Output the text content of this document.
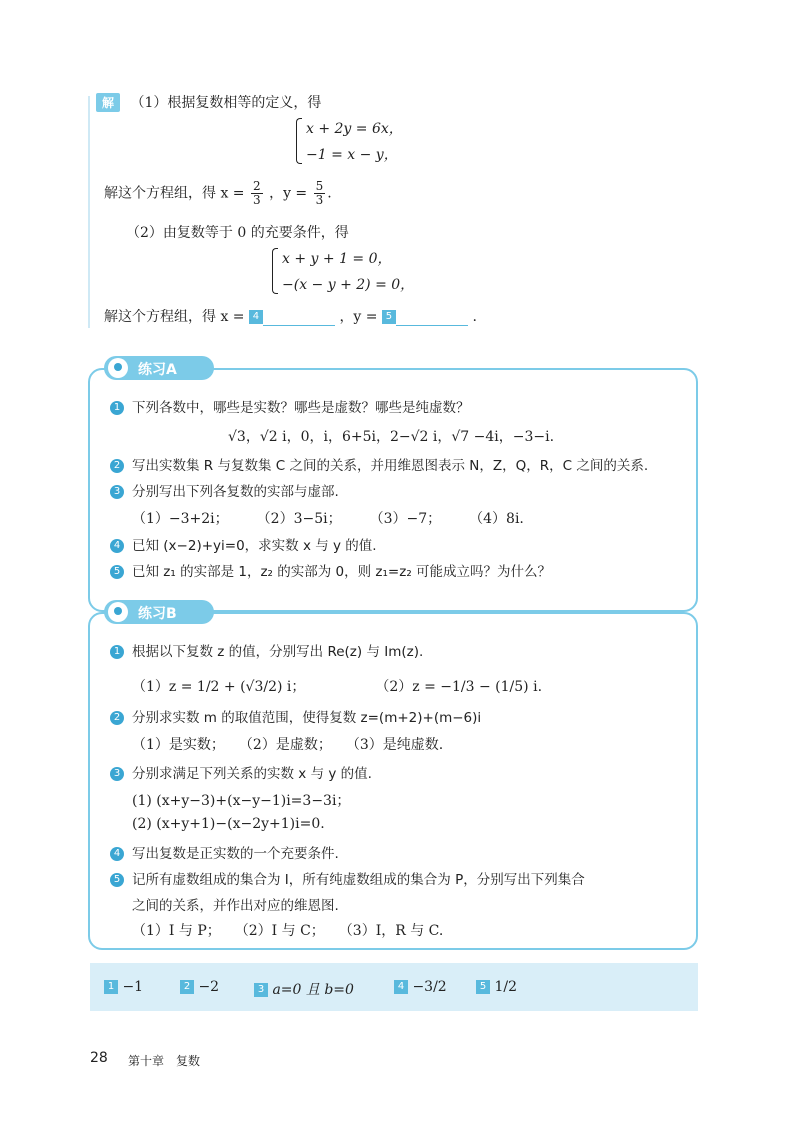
解 （1）根据复数相等的定义，得
x + 2y = 6x，
−1 = x − y，
解这个方程组，得 $x = \frac{2}{3}$ ，$y = \frac{5}{3}$ .
（2）由复数等于 0 的充要条件，得
x + y + 1 = 0，
−(x − y + 2) = 0，
解这个方程组，得 x = 4	，y = 5	.
练习A
1 下列各数中，哪些是实数？哪些是虚数？哪些是纯虚数？
√3，√2 i，0，i，6+5i，2−√2 i，√7 −4i，−3−i.
2 写出实数集 R 与复数集 C 之间的关系，并用维恩图表示 N，Z，Q，R，C 之间的关系.
3 分别写出下列各复数的实部与虚部.
（1）−3+2i；　　　（2）3−5i；　　　（3）−7；　　　（4）8i.
4 已知 (x−2)+yi=0，求实数 x 与 y 的值.
5 已知 z₁ 的实部是 1，z₂ 的实部为 0，则 z₁=z₂ 可能成立吗？为什么？
练习B
1 根据以下复数 z 的值，分别写出 Re(z) 与 Im(z).
（1）z = 1/2 + (√3/2) i；　　　　　　（2）z = −1/3 − (1/5) i.
2 分别求实数 m 的取值范围，使得复数 z=(m+2)+(m−6)i
（1）是实数；　　（2）是虚数；　　（3）是纯虚数.
3 分别求满足下列关系的实数 x 与 y 的值.
(1) (x+y−3)+(x−y−1)i=3−3i；
(2) (x+y+1)−(x−2y+1)i=0.
4 写出复数是正实数的一个充要条件.
5 记所有虚数组成的集合为 I，所有纯虚数组成的集合为 P，分别写出下列集合
之间的关系，并作出对应的维恩图.
（1）I 与 P；　　（2）I 与 C；　　（3）I，R 与 C.
1 −1	2 −2	3 a=0 且 b=0	4 −3/2	5 1/2
28 第十章　复数
